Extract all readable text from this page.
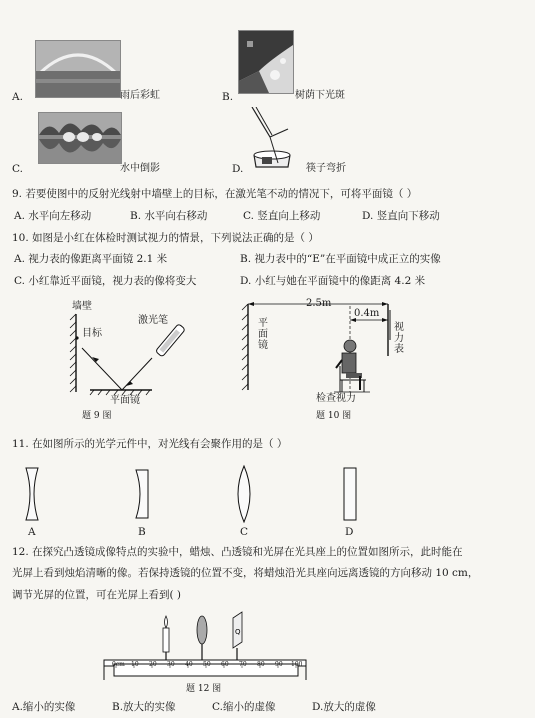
A.	雨后彩虹	B.	树荫下光斑
C.	水中倒影	D.	筷子弯折
9. 若要使图中的反射光线射中墙壁上的目标，在激光笔不动的情况下，可将平面镜（ ）
A. 水平向左移动	B. 水平向右移动	C. 竖直向上移动	D. 竖直向下移动
10. 如图是小红在体检时测试视力的情景，下列说法正确的是（ ）
A. 视力表的像距离平面镜 2.1 米	B. 视力表中的“E”在平面镜中成正立的实像
C. 小红靠近平面镜，视力表的像将变大	D. 小红与她在平面镜中的像距离 4.2 米
墙壁
目标
激光笔
平面镜
题 9 图
2.5m
0.4m
平面镜
视力表
检查视力
题 10 图
11. 在如图所示的光学元件中，对光线有会聚作用的是（ ）
A	B	C	D
12. 在探究凸透镜成像特点的实验中，蜡烛、凸透镜和光屏在光具座上的位置如图所示，此时能在
光屏上看到烛焰清晰的像。若保持透镜的位置不变，将蜡烛沿光具座向远离透镜的方向移动 10 cm，
调节光屏的位置，可在光屏上看到( )
Q
0cm 10 20 30 40 50 60 70 80 90 100
题 12 图
A.缩小的实像	B.放大的实像	C.缩小的虚像	D.放大的虚像
